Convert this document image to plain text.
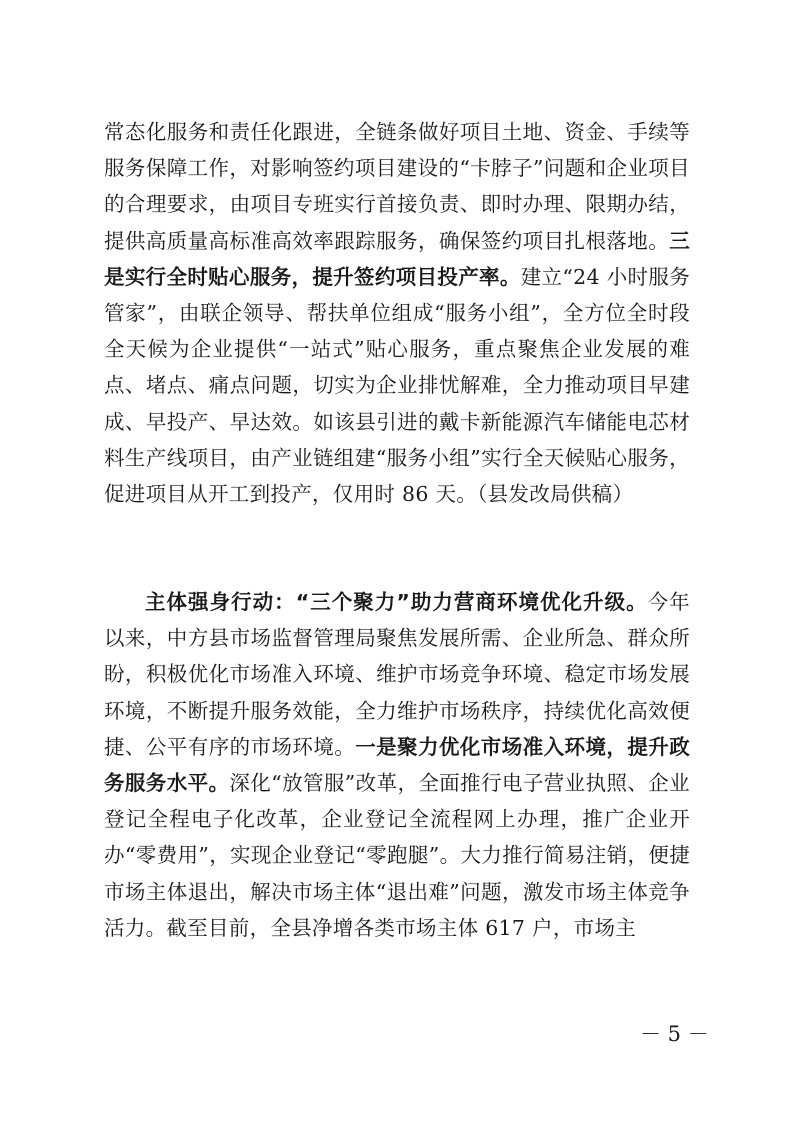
常态化服务和责任化跟进，全链条做好项目土地、资金、手续等服务保障工作，对影响签约项目建设的“卡脖子”问题和企业项目的合理要求，由项目专班实行首接负责、即时办理、限期办结，提供高质量高标准高效率跟踪服务，确保签约项目扎根落地。三是实行全时贴心服务，提升签约项目投产率。建立“24 小时服务管家”，由联企领导、帮扶单位组成“服务小组”，全方位全时段全天候为企业提供“一站式”贴心服务，重点聚焦企业发展的难点、堵点、痛点问题，切实为企业排忧解难，全力推动项目早建成、早投产、早达效。如该县引进的戴卡新能源汽车储能电芯材料生产线项目，由产业链组建“服务小组”实行全天候贴心服务，促进项目从开工到投产，仅用时 86 天。（县发改局供稿）

主体强身行动：“三个聚力”助力营商环境优化升级。今年以来，中方县市场监督管理局聚焦发展所需、企业所急、群众所盼，积极优化市场准入环境、维护市场竞争环境、稳定市场发展环境，不断提升服务效能，全力维护市场秩序，持续优化高效便捷、公平有序的市场环境。一是聚力优化市场准入环境，提升政务服务水平。深化“放管服”改革，全面推行电子营业执照、企业登记全程电子化改革，企业登记全流程网上办理，推广企业开办“零费用”，实现企业登记“零跑腿”。大力推行简易注销，便捷市场主体退出，解决市场主体“退出难”问题，激发市场主体竞争活力。截至目前，全县净增各类市场主体 617 户，市场主

－ 5 －
